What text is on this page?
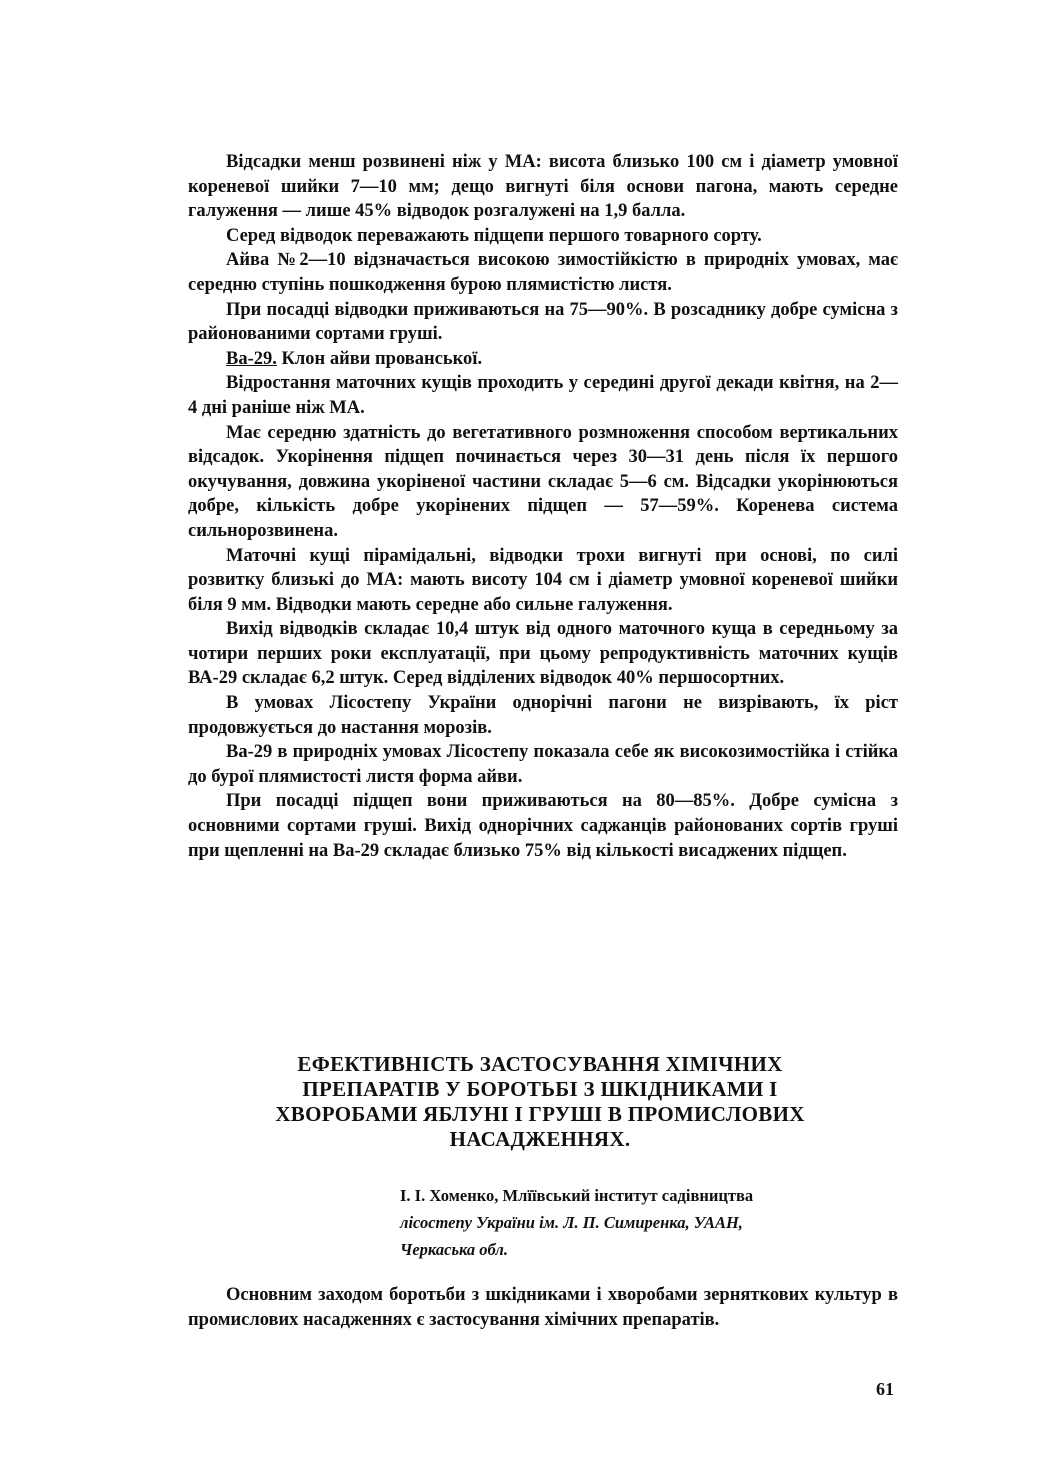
Відсадки менш розвинені ніж у МА: висота близько 100 см і діаметр умовної кореневої шийки 7—10 мм; дещо вигнуті біля основи пагона, мають середне галуження — лише 45% відводок розгалужені на 1,9 балла.

Серед відводок переважають підщепи першого товарного сорту.

Айва №2—10 відзначається високою зимостійкістю в природніх умовах, має середню ступінь пошкодження бурою плямистістю листя.

При посадці відводки приживаються на 75—90%. В розсаднику добре сумісна з районованими сортами груші.

Ва-29. Клон айви прованської.

Відростання маточних кущів проходить у середині другої декади квітня, на 2—4 дні раніше ніж МА.

Має середню здатність до вегетативного розмноження способом вертикальних відсадок. Укорінення підщеп починається через 30—31 день після їх першого окучування, довжина укоріненої частини складає 5—6 см. Відсадки укорінюються добре, кількість добре укорінених підщеп — 57—59%. Коренева система сильнорозвинена.

Маточні кущі пірамідальні, відводки трохи вигнуті при основі, по силі розвитку близькі до МА: мають висоту 104 см і діаметр умовної кореневої шийки біля 9 мм. Відводки мають середне або сильне галуження.

Вихід відводків складає 10,4 штук від одного маточного куща в середньому за чотири перших роки експлуатації, при цьому репродуктивність маточних кущів ВА-29 складає 6,2 штук. Серед відділених відводок 40% першосортних.

В умовах Лісостепу України однорічні пагони не визрівають, їх ріст продовжується до настання морозів.

Ва-29 в природніх умовах Лісостепу показала себе як високозимостійка і стійка до бурої плямистості листя форма айви.

При посадці підщеп вони приживаються на 80—85%. Добре сумісна з основними сортами груші. Вихід однорічних саджанців районованих сортів груші при щепленні на Ва-29 складає близько 75% від кількості висаджених підщеп.

ЕФЕКТИВНІСТЬ ЗАСТОСУВАННЯ ХІМІЧНИХ
ПРЕПАРАТІВ У БОРОТЬБІ З ШКІДНИКАМИ І
ХВОРОБАМИ ЯБЛУНІ І ГРУШІ В ПРОМИСЛОВИХ
НАСАДЖЕННЯХ.
І. І. Хоменко, Млїївський інститут садівництва
лісостепу України ім. Л. П. Симиренка, УААН,
Черкаська обл.

Основним заходом боротьби з шкідниками і хворобами зерняткових культур в промислових насадженнях є застосування хімічних препаратів.

61
